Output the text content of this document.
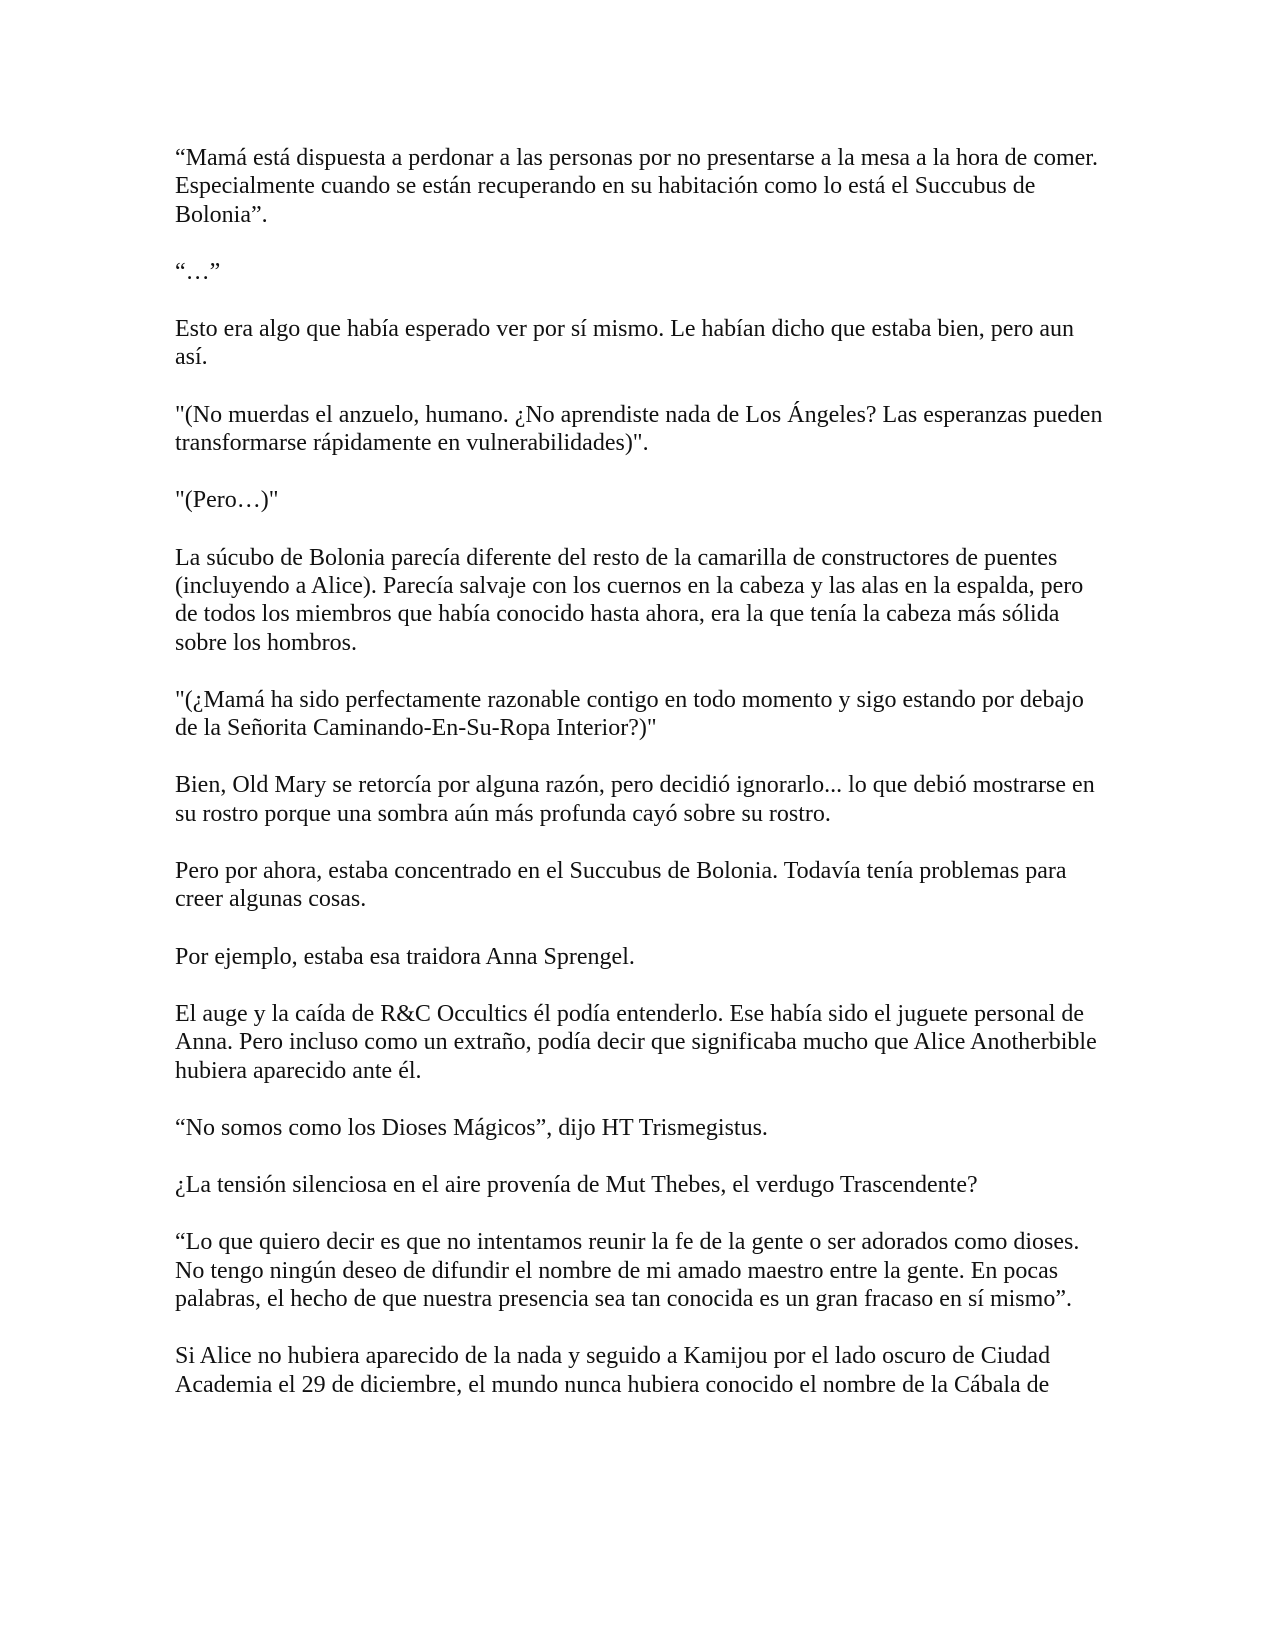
“Mamá está dispuesta a perdonar a las personas por no presentarse a la mesa a la hora de comer. Especialmente cuando se están recuperando en su habitación como lo está el Succubus de Bolonia”.

“…”

Esto era algo que había esperado ver por sí mismo. Le habían dicho que estaba bien, pero aun así.

"(No muerdas el anzuelo, humano. ¿No aprendiste nada de Los Ángeles? Las esperanzas pueden transformarse rápidamente en vulnerabilidades)".

"(Pero…)"

La súcubo de Bolonia parecía diferente del resto de la camarilla de constructores de puentes (incluyendo a Alice). Parecía salvaje con los cuernos en la cabeza y las alas en la espalda, pero de todos los miembros que había conocido hasta ahora, era la que tenía la cabeza más sólida sobre los hombros.

"(¿Mamá ha sido perfectamente razonable contigo en todo momento y sigo estando por debajo de la Señorita Caminando-En-Su-Ropa Interior?)"

Bien, Old Mary se retorcía por alguna razón, pero decidió ignorarlo... lo que debió mostrarse en su rostro porque una sombra aún más profunda cayó sobre su rostro.

Pero por ahora, estaba concentrado en el Succubus de Bolonia. Todavía tenía problemas para creer algunas cosas.

Por ejemplo, estaba esa traidora Anna Sprengel.

El auge y la caída de R&C Occultics él podía entenderlo. Ese había sido el juguete personal de Anna. Pero incluso como un extraño, podía decir que significaba mucho que Alice Anotherbible hubiera aparecido ante él.

“No somos como los Dioses Mágicos”, dijo HT Trismegistus.

¿La tensión silenciosa en el aire provenía de Mut Thebes, el verdugo Trascendente?

“Lo que quiero decir es que no intentamos reunir la fe de la gente o ser adorados como dioses. No tengo ningún deseo de difundir el nombre de mi amado maestro entre la gente. En pocas palabras, el hecho de que nuestra presencia sea tan conocida es un gran fracaso en sí mismo”.

Si Alice no hubiera aparecido de la nada y seguido a Kamijou por el lado oscuro de Ciudad Academia el 29 de diciembre, el mundo nunca hubiera conocido el nombre de la Cábala de
